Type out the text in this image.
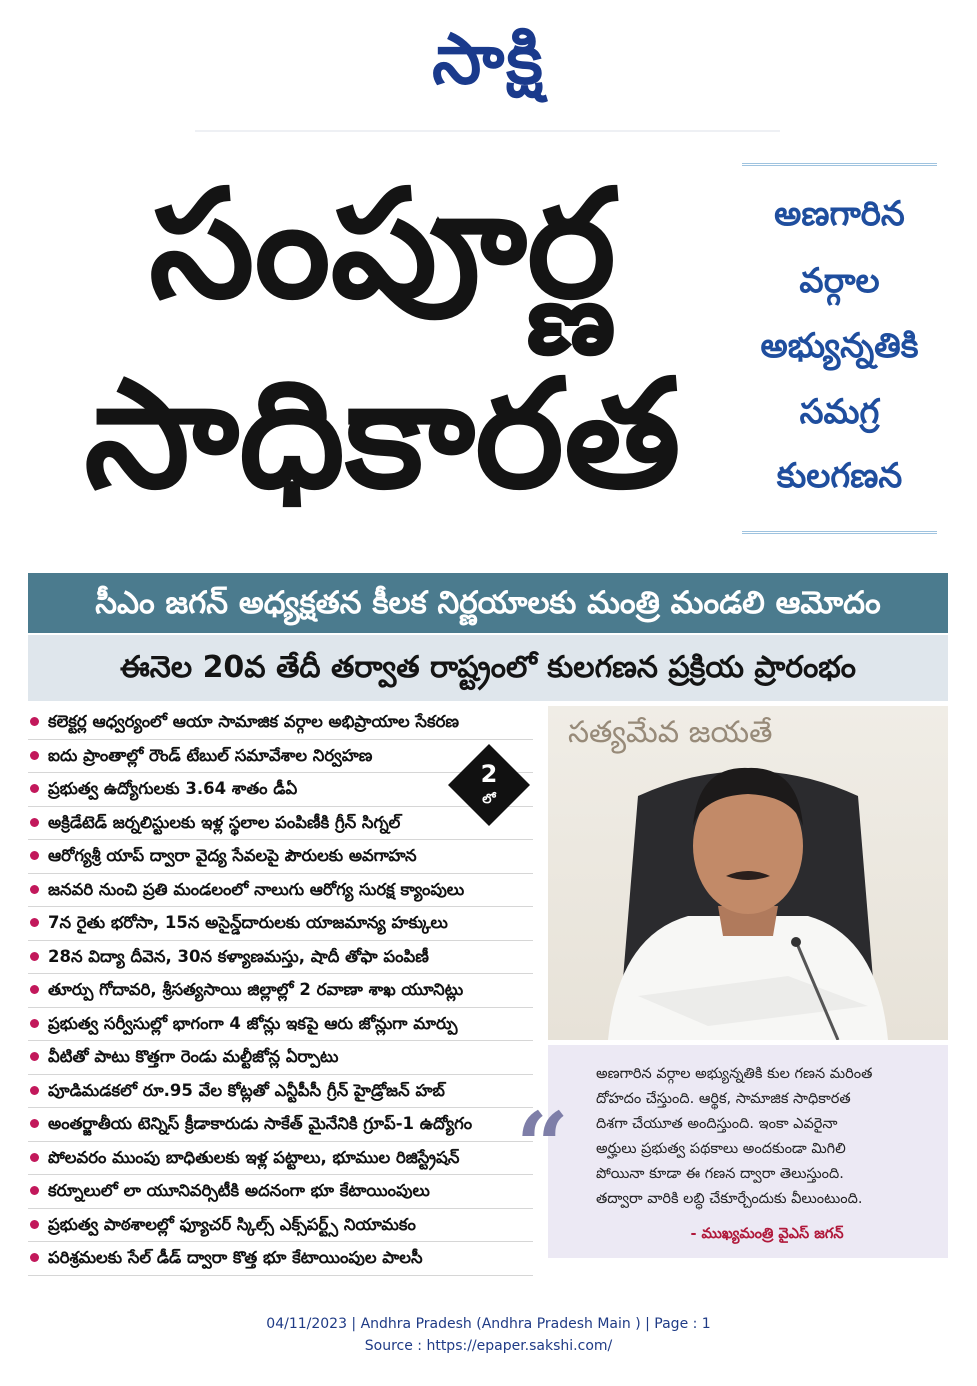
సాక్షి
సంపూర్ణ
సాధికారత
అణగారిన
వర్గాల
అభ్యున్నతికి
సమగ్ర
కులగణన
సీఎం జగన్ అధ్యక్షతన కీలక నిర్ణయాలకు మంత్రి మండలి ఆమోదం
ఈనెల 20వ తేదీ తర్వాత రాష్ట్రంలో కులగణన ప్రక్రియ ప్రారంభం
కలెక్టర్ల ఆధ్వర్యంలో ఆయా సామాజిక వర్గాల అభిప్రాయాల సేకరణ
ఐదు ప్రాంతాల్లో రౌండ్ టేబుల్ సమావేశాల నిర్వహణ
ప్రభుత్వ ఉద్యోగులకు 3.64 శాతం డీఏ
అక్రిడేటెడ్ జర్నలిస్టులకు ఇళ్ల స్థలాల పంపిణీకి గ్రీన్ సిగ్నల్
ఆరోగ్యశ్రీ యాప్ ద్వారా వైద్య సేవలపై పౌరులకు అవగాహన
జనవరి నుంచి ప్రతి మండలంలో నాలుగు ఆరోగ్య సురక్ష క్యాంపులు
7న రైతు భరోసా, 15న అసైన్డ్‌దారులకు యాజమాన్య హక్కులు
28న విద్యా దీవెన, 30న కళ్యాణమస్తు, షాదీ తోఫా పంపిణీ
తూర్పు గోదావరి, శ్రీసత్యసాయి జిల్లాల్లో 2 రవాణా శాఖ యూనిట్లు
ప్రభుత్వ సర్వీసుల్లో భాగంగా 4 జోన్లు ఇకపై ఆరు జోన్లుగా మార్పు
వీటితో పాటు కొత్తగా రెండు మల్టీజోన్ల ఏర్పాటు
పూడిమడకలో రూ.95 వేల కోట్లతో ఎన్టీపీసీ గ్రీన్ హైడ్రోజన్ హబ్
అంతర్జాతీయ టెన్నిస్ క్రీడాకారుడు సాకేత్ మైనేనికి గ్రూప్‌-1 ఉద్యోగం
పోలవరం ముంపు బాధితులకు ఇళ్ల పట్టాలు, భూముల రిజిస్ట్రేషన్
కర్నూలులో లా యూనివర్సిటీకి అదనంగా భూ కేటాయింపులు
ప్రభుత్వ పాఠశాలల్లో ఫ్యూచర్ స్కిల్స్ ఎక్స్‌పర్ట్స్ నియామకం
పరిశ్రమలకు సేల్ డీడ్ ద్వారా కొత్త భూ కేటాయింపుల పాలసీ
2
లో
సత్యమేవ జయతే
“
అణగారిన వర్గాల అభ్యున్నతికి కుల గణన మరింత
దోహదం చేస్తుంది. ఆర్థిక, సామాజిక సాధికారత
దిశగా చేయూత అందిస్తుంది. ఇంకా ఎవరైనా
అర్హులు ప్రభుత్వ పథకాలు అందకుండా మిగిలి
పోయినా కూడా ఈ గణన ద్వారా తెలుస్తుంది.
తద్వారా వారికి లబ్ధి చేకూర్చేందుకు వీలుంటుంది.
- ముఖ్యమంత్రి వైఎస్ జగన్
04/11/2023 | Andhra Pradesh (Andhra Pradesh Main ) | Page : 1
Source : https://epaper.sakshi.com/
